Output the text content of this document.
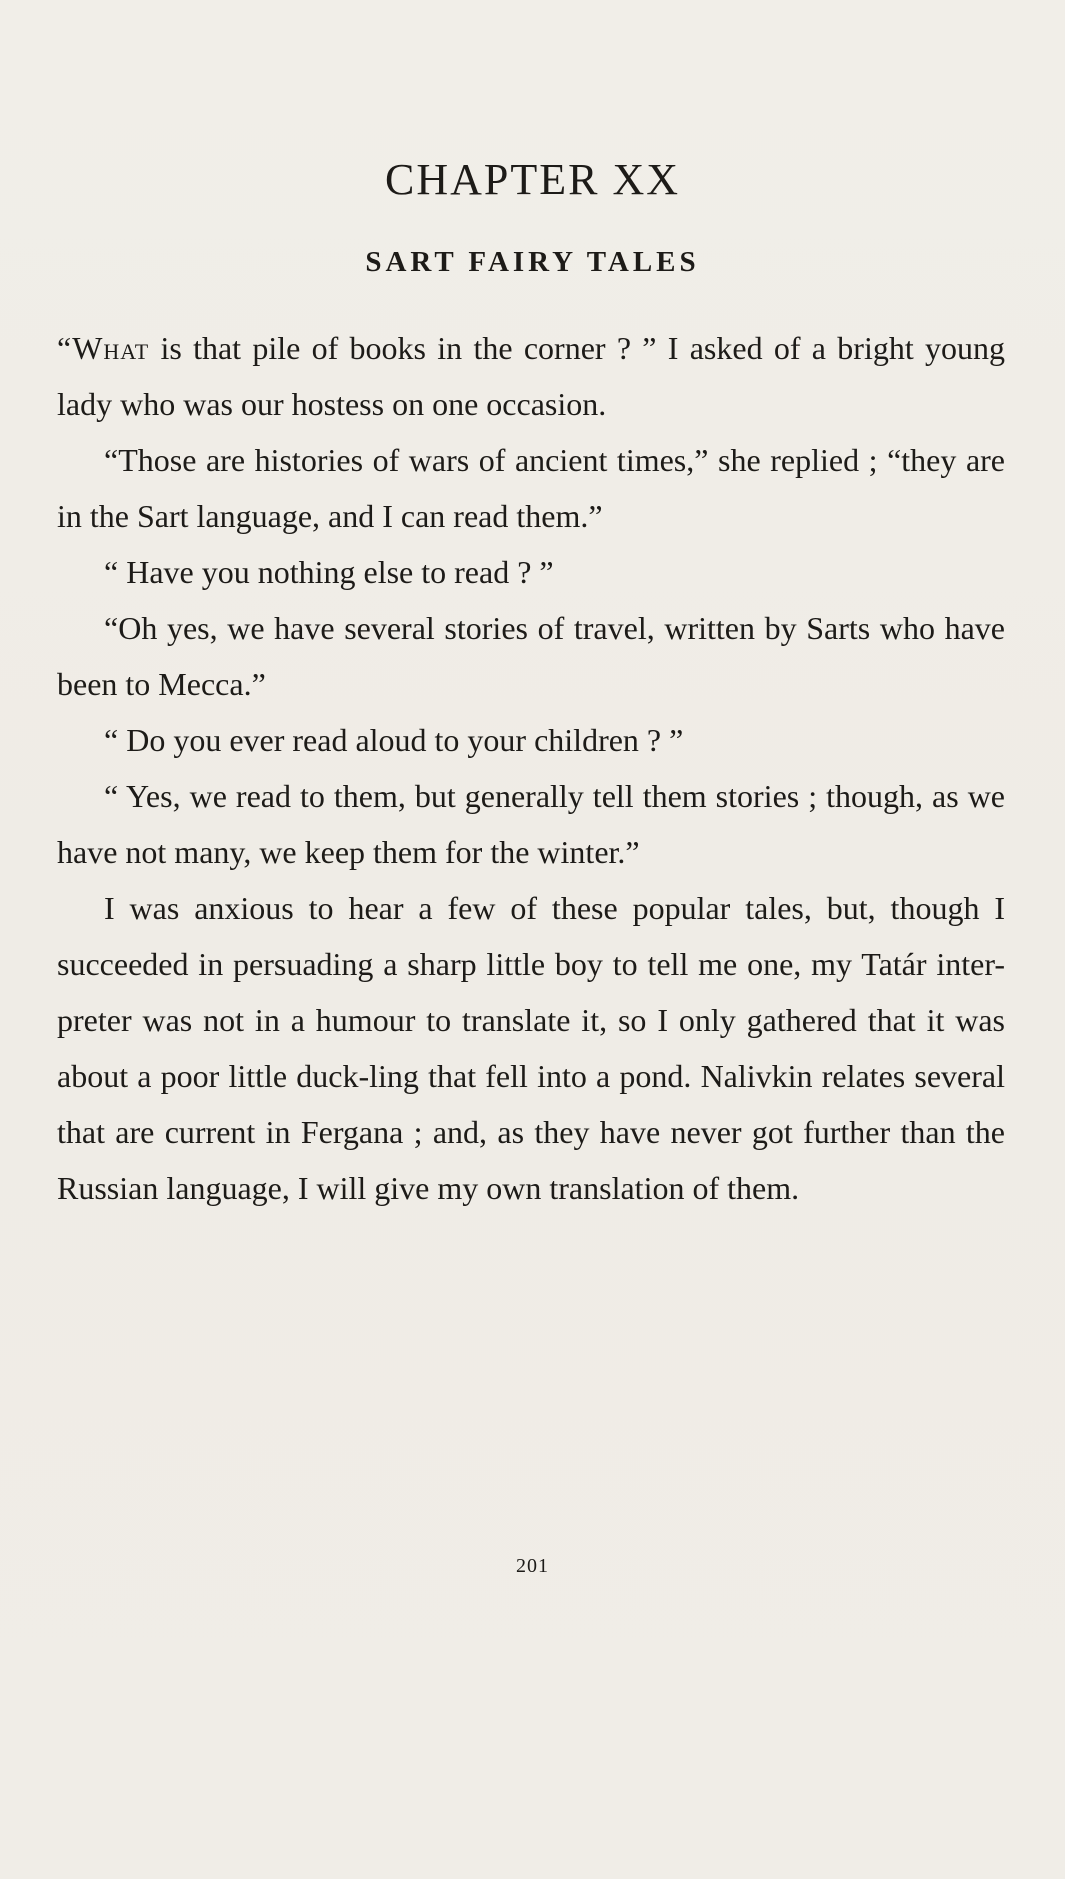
CHAPTER XX
SART FAIRY TALES

“What is that pile of books in the corner ? ” I asked of a bright young lady who was our hostess on one occasion.

“Those are histories of wars of ancient times,” she replied ; “they are in the Sart language, and I can read them.”

“ Have you nothing else to read ? ”

“Oh yes, we have several stories of travel, written by Sarts who have been to Mecca.”

“ Do you ever read aloud to your children ? ”

“ Yes, we read to them, but generally tell them stories ; though, as we have not many, we keep them for the winter.”

I was anxious to hear a few of these popular tales, but, though I succeeded in persuading a sharp little boy to tell me one, my Tatár inter-preter was not in a humour to translate it, so I only gathered that it was about a poor little duck-ling that fell into a pond. Nalivkin relates several that are current in Fergana ; and, as they have never got further than the Russian language, I will give my own translation of them.

201
